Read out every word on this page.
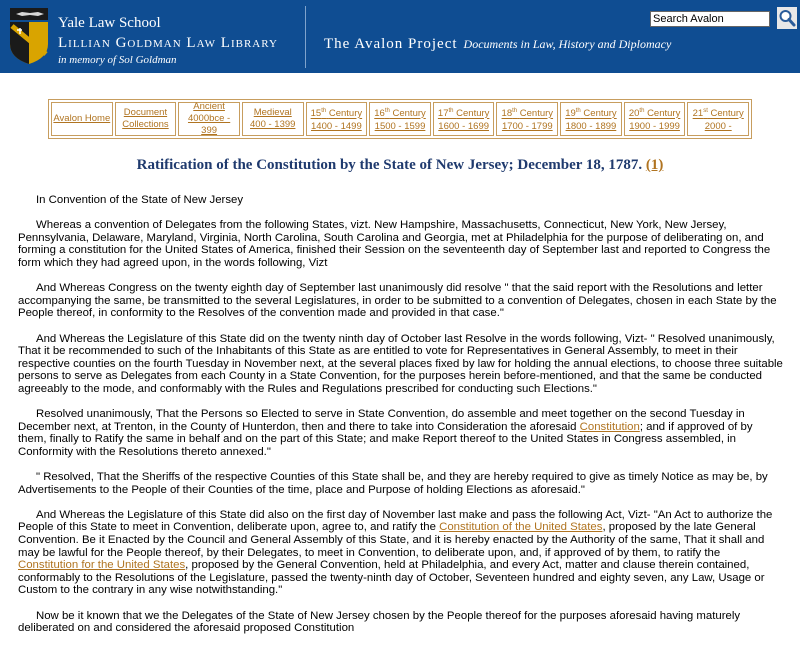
Yale Law School
Lillian Goldman Law Library
in memory of Sol Goldman
The Avalon Project Documents in Law, History and Diplomacy
Search Avalon
Avalon Home
Document
Collections
Ancient
4000bce - 399
Medieval
400 - 1399
15th Century
1400 - 1499
16th Century
1500 - 1599
17th Century
1600 - 1699
18th Century
1700 - 1799
19th Century
1800 - 1899
20th Century
1900 - 1999
21st Century
2000 -
Ratification of the Constitution by the State of New Jersey; December 18, 1787. (1)

In Convention of the State of New Jersey

Whereas a convention of Delegates from the following States, vizt. New Hampshire, Massachusetts, Connecticut, New York, New Jersey, Pennsylvania, Delaware, Maryland, Virginia, North Carolina, South Carolina and Georgia, met at Philadelphia for the purpose of deliberating on, and forming a constitution for the United States of America, finished their Session on the seventeenth day of September last and reported to Congress the form which they had agreed upon, in the words following, Vizt

And Whereas Congress on the twenty eighth day of September last unanimously did resolve " that the said report with the Resolutions and letter accompanying the same, be transmitted to the several Legislatures, in order to be submitted to a convention of Delegates, chosen in each State by the People thereof, in conformity to the Resolves of the convention made and provided in that case."

And Whereas the Legislature of this State did on the twenty ninth day of October last Resolve in the words following, Vizt- " Resolved unanimously, That it be recommended to such of the Inhabitants of this State as are entitled to vote for Representatives in General Assembly, to meet in their respective counties on the fourth Tuesday in November next, at the several places fixed by law for holding the annual elections, to choose three suitable persons to serve as Delegates from each County in a State Convention, for the purposes herein before-mentioned, and that the same be conducted agreeably to the mode, and conformably with the Rules and Regulations prescribed for conducting such Elections."

Resolved unanimously, That the Persons so Elected to serve in State Convention, do assemble and meet together on the second Tuesday in December next, at Trenton, in the County of Hunterdon, then and there to take into Consideration the aforesaid Constitution; and if approved of by them, finally to Ratify the same in behalf and on the part of this State; and make Report thereof to the United States in Congress assembled, in Conformity with the Resolutions thereto annexed."

" Resolved, That the Sheriffs of the respective Counties of this State shall be, and they are hereby required to give as timely Notice as may be, by Advertisements to the People of their Counties of the time, place and Purpose of holding Elections as aforesaid."

And Whereas the Legislature of this State did also on the first day of November last make and pass the following Act, Vizt- "An Act to authorize the People of this State to meet in Convention, deliberate upon, agree to, and ratify the Constitution of the United States, proposed by the late General Convention. Be it Enacted by the Council and General Assembly of this State, and it is hereby enacted by the Authority of the same, That it shall and may be lawful for the People thereof, by their Delegates, to meet in Convention, to deliberate upon, and, if approved of by them, to ratify the Constitution for the United States, proposed by the General Convention, held at Philadelphia, and every Act, matter and clause therein contained, conformably to the Resolutions of the Legislature, passed the twenty-ninth day of October, Seventeen hundred and eighty seven, any Law, Usage or Custom to the contrary in any wise notwithstanding."

Now be it known that we the Delegates of the State of New Jersey chosen by the People thereof for the purposes aforesaid having maturely deliberated on and considered the aforesaid proposed Constitution
